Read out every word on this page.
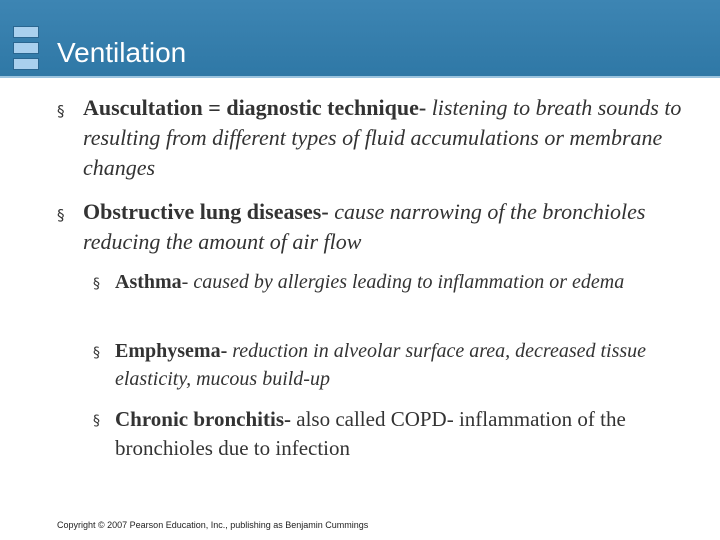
Ventilation

§ Auscultation = diagnostic technique- listening to breath sounds to resulting from different types of fluid accumulations or membrane changes

§ Obstructive lung diseases- cause narrowing of the bronchioles reducing the amount of air flow

§ Asthma- caused by allergies leading to inflammation or edema

§ Emphysema- reduction in alveolar surface area, decreased tissue elasticity, mucous build-up

§ Chronic bronchitis- also called COPD- inflammation of the bronchioles due to infection

Copyright © 2007 Pearson Education, Inc., publishing as Benjamin Cummings
